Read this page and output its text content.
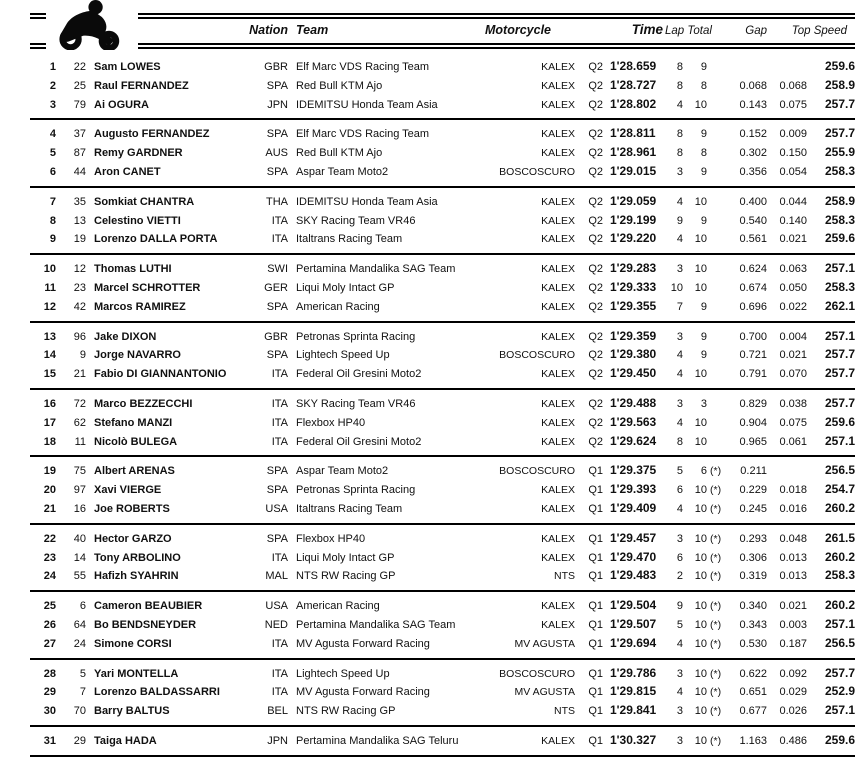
			Nation	Team	Motorcycle		Time	Lap Total		Gap		Top Speed	
1	22	Sam LOWES	GBR	Elf Marc VDS Racing Team	KALEX	Q2	1'28.659	8	9				259.6
2	25	Raul FERNANDEZ	SPA	Red Bull KTM Ajo	KALEX	Q2	1'28.727	8	8		0.068	0.068	258.9
3	79	Ai OGURA	JPN	IDEMITSU Honda Team Asia	KALEX	Q2	1'28.802	4	10		0.143	0.075	257.7
4	37	Augusto FERNANDEZ	SPA	Elf Marc VDS Racing Team	KALEX	Q2	1'28.811	8	9		0.152	0.009	257.7
5	87	Remy GARDNER	AUS	Red Bull KTM Ajo	KALEX	Q2	1'28.961	8	8		0.302	0.150	255.9
6	44	Aron CANET	SPA	Aspar Team Moto2	BOSCOSCURO	Q2	1'29.015	3	9		0.356	0.054	258.3
7	35	Somkiat CHANTRA	THA	IDEMITSU Honda Team Asia	KALEX	Q2	1'29.059	4	10		0.400	0.044	258.9
8	13	Celestino VIETTI	ITA	SKY Racing Team VR46	KALEX	Q2	1'29.199	9	9		0.540	0.140	258.3
9	19	Lorenzo DALLA PORTA	ITA	Italtrans Racing Team	KALEX	Q2	1'29.220	4	10		0.561	0.021	259.6
10	12	Thomas LUTHI	SWI	Pertamina Mandalika SAG Team	KALEX	Q2	1'29.283	3	10		0.624	0.063	257.1
11	23	Marcel SCHROTTER	GER	Liqui Moly Intact GP	KALEX	Q2	1'29.333	10	10		0.674	0.050	258.3
12	42	Marcos RAMIREZ	SPA	American Racing	KALEX	Q2	1'29.355	7	9		0.696	0.022	262.1
13	96	Jake DIXON	GBR	Petronas Sprinta Racing	KALEX	Q2	1'29.359	3	9		0.700	0.004	257.1
14	9	Jorge NAVARRO	SPA	Lightech Speed Up	BOSCOSCURO	Q2	1'29.380	4	9		0.721	0.021	257.7
15	21	Fabio DI GIANNANTONIO	ITA	Federal Oil Gresini Moto2	KALEX	Q2	1'29.450	4	10		0.791	0.070	257.7
16	72	Marco BEZZECCHI	ITA	SKY Racing Team VR46	KALEX	Q2	1'29.488	3	3		0.829	0.038	257.7
17	62	Stefano MANZI	ITA	Flexbox HP40	KALEX	Q2	1'29.563	4	10		0.904	0.075	259.6
18	11	Nicolò BULEGA	ITA	Federal Oil Gresini Moto2	KALEX	Q2	1'29.624	8	10		0.965	0.061	257.1
19	75	Albert ARENAS	SPA	Aspar Team Moto2	BOSCOSCURO	Q1	1'29.375	5	6	(*)	0.211		256.5
20	97	Xavi VIERGE	SPA	Petronas Sprinta Racing	KALEX	Q1	1'29.393	6	10	(*)	0.229	0.018	254.7
21	16	Joe ROBERTS	USA	Italtrans Racing Team	KALEX	Q1	1'29.409	4	10	(*)	0.245	0.016	260.2
22	40	Hector GARZO	SPA	Flexbox HP40	KALEX	Q1	1'29.457	3	10	(*)	0.293	0.048	261.5
23	14	Tony ARBOLINO	ITA	Liqui Moly Intact GP	KALEX	Q1	1'29.470	6	10	(*)	0.306	0.013	260.2
24	55	Hafizh SYAHRIN	MAL	NTS RW Racing GP	NTS	Q1	1'29.483	2	10	(*)	0.319	0.013	258.3
25	6	Cameron BEAUBIER	USA	American Racing	KALEX	Q1	1'29.504	9	10	(*)	0.340	0.021	260.2
26	64	Bo BENDSNEYDER	NED	Pertamina Mandalika SAG Team	KALEX	Q1	1'29.507	5	10	(*)	0.343	0.003	257.1
27	24	Simone CORSI	ITA	MV Agusta Forward Racing	MV AGUSTA	Q1	1'29.694	4	10	(*)	0.530	0.187	256.5
28	5	Yari MONTELLA	ITA	Lightech Speed Up	BOSCOSCURO	Q1	1'29.786	3	10	(*)	0.622	0.092	257.7
29	7	Lorenzo BALDASSARRI	ITA	MV Agusta Forward Racing	MV AGUSTA	Q1	1'29.815	4	10	(*)	0.651	0.029	252.9
30	70	Barry BALTUS	BEL	NTS RW Racing GP	NTS	Q1	1'29.841	3	10	(*)	0.677	0.026	257.1
31	29	Taiga HADA	JPN	Pertamina Mandalika SAG Teluru	KALEX	Q1	1'30.327	3	10	(*)	1.163	0.486	259.6
